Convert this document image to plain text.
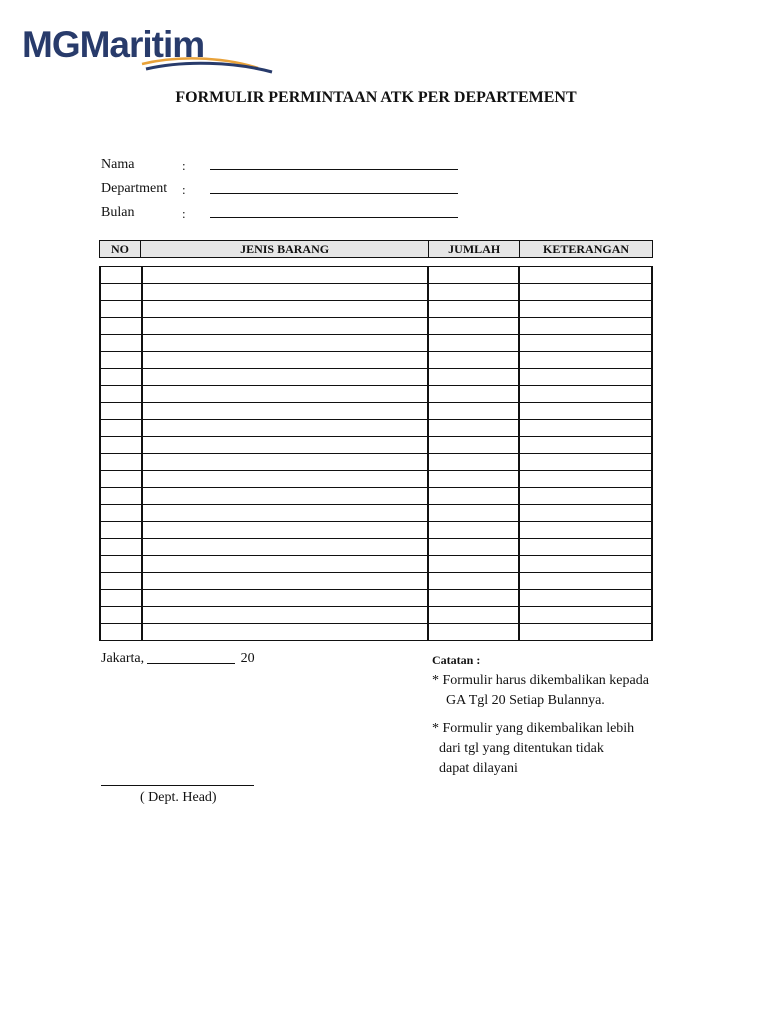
MGMaritim
FORMULIR PERMINTAAN ATK PER DEPARTEMENT
Nama	:
Department :
Bulan	:
NO	JENIS BARANG	JUMLAH	KETERANGAN

Jakarta,	20
( Dept. Head)
Catatan :
* Formulir harus dikembalikan kepada
GA Tgl 20 Setiap Bulannya.
* Formulir yang dikembalikan lebih
dari tgl yang ditentukan tidak
dapat dilayani
